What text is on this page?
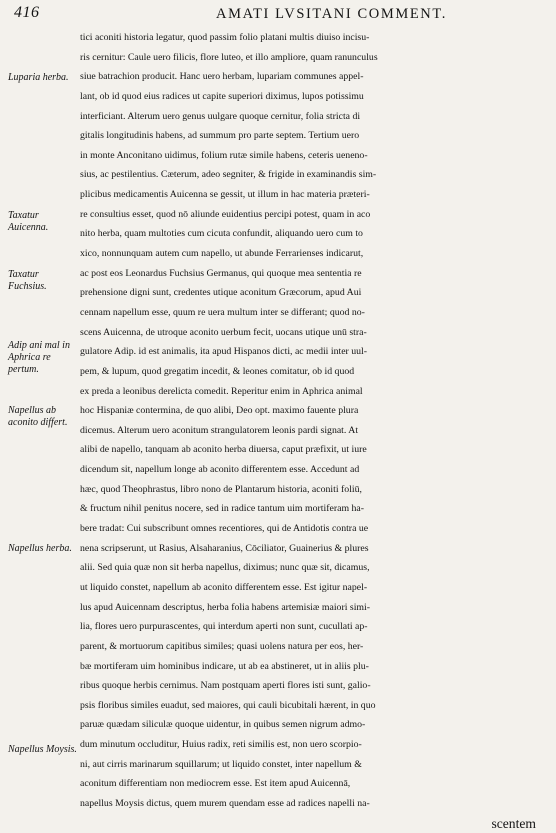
416	AMATI LVSITANI COMMENT.
Luparia herba.
Taxatur Auicenna.
Taxatur Fuchsius.
Adip ani mal in Aphrica re pertum.
Napellus ab aconito differt.
Napellus herba.
Napellus Moysis.
tici aconiti historia legatur, quod passim folio platani multis diuiso incisu-
ris cernitur: Caule uero filicis, flore luteo, et illo ampliore, quam ranunculus
siue batrachion producit. Hanc uero herbam, lupariam communes appel-
lant, ob id quod eius radices ut capite superiori diximus, lupos potissimu
interficiant. Alterum uero genus uulgare quoque cernitur, folia stricta di
gitalis longitudinis habens, ad summum pro parte septem. Tertium uero
in monte Anconitano uidimus, folium rutæ simile habens, ceteris ueneno-
sius, ac pestilentius. Cæterum, adeo segniter, & frigide in examinandis sim-
plicibus medicamentis Auicenna se gessit, ut illum in hac materia præteri-
re consultius esset, quod nō aliunde euidentius percipi potest, quam in aco
nito herba, quam multoties cum cicuta confundit, aliquando uero cum to
xico, nonnunquam autem cum napello, ut abunde Ferrarienses indicarut,
ac post eos Leonardus Fuchsius Germanus, qui quoque mea sententia re
prehensione digni sunt, credentes utique aconitum Græcorum, apud Aui
cennam napellum esse, quum re uera multum inter se differant; quod no-
scens Auicenna, de utroque aconito uerbum fecit, uocans utique unū stra-
gulatore Adip. id est animalis, ita apud Hispanos dicti, ac medii inter uul-
pem, & lupum, quod gregatim incedit, & leones comitatur, ob id quod
ex preda a leonibus derelicta comedit. Reperitur enim in Aphrica animal
hoc Hispaniæ contermina, de quo alibi, Deo opt. maximo fauente plura
dicemus. Alterum uero aconitum strangulatorem leonis pardi signat. At
alibi de napello, tanquam ab aconito herba diuersa, caput præfixit, ut iure
dicendum sit, napellum longe ab aconito differentem esse. Accedunt ad
hæc, quod Theophrastus, libro nono de Plantarum historia, aconiti foliū,
& fructum nihil penitus nocere, sed in radice tantum uim mortiferam ha-
bere tradat: Cui subscribunt omnes recentiores, qui de Antidotis contra ue
nena scripserunt, ut Rasius, Alsaharanius, Cōciliator, Guainerius & plures
alii. Sed quia quæ non sit herba napellus, diximus; nunc quæ sit, dicamus,
ut liquido constet, napellum ab aconito differentem esse. Est igitur napel-
lus apud Auicennam descriptus, herba folia habens artemisiæ maiori simi-
lia, flores uero purpurascentes, qui interdum aperti non sunt, cucullati ap-
parent, & mortuorum capitibus similes; quasi uolens natura per eos, her-
bæ mortiferam uim hominibus indicare, ut ab ea abstineret, ut in aliis plu-
ribus quoque herbis cernimus. Nam postquam aperti flores isti sunt, galio-
psis floribus similes euadut, sed maiores, qui cauli bicubitali hærent, in quo
paruæ quædam siliculæ quoque uidentur, in quibus semen nigrum admo-
dum minutum occluditur, Huius radix, reti similis est, non uero scorpio-
ni, aut cirris marinarum squillarum; ut liquido constet, inter napellum &
aconitum differentiam non mediocrem esse. Est item apud Auicennā,
napellus Moysis dictus, quem murem quendam esse ad radices napelli na-
scentem
